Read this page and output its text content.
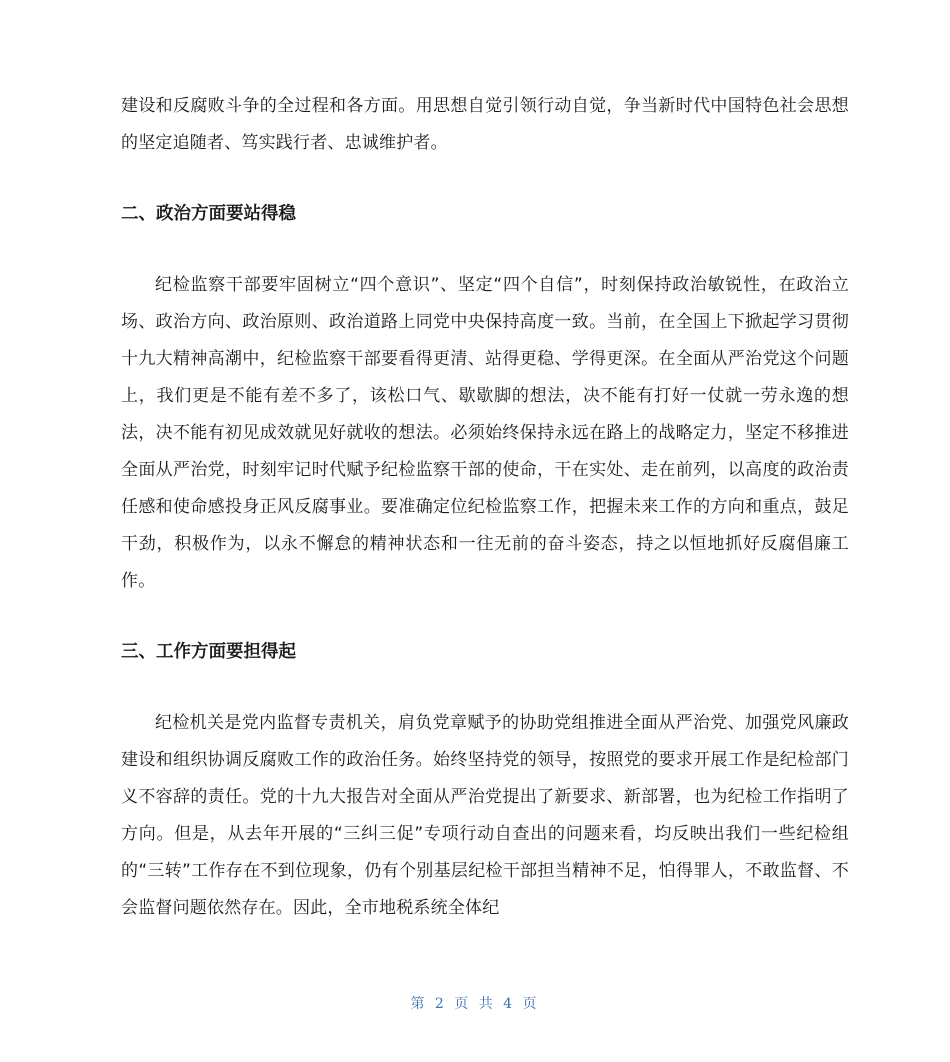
建设和反腐败斗争的全过程和各方面。用思想自觉引领行动自觉，争当新时代中国特色社会思想的坚定追随者、笃实践行者、忠诚维护者。

二、政治方面要站得稳

纪检监察干部要牢固树立“四个意识”、坚定“四个自信”，时刻保持政治敏锐性，在政治立场、政治方向、政治原则、政治道路上同党中央保持高度一致。当前，在全国上下掀起学习贯彻十九大精神高潮中，纪检监察干部要看得更清、站得更稳、学得更深。在全面从严治党这个问题上，我们更是不能有差不多了，该松口气、歇歇脚的想法，决不能有打好一仗就一劳永逸的想法，决不能有初见成效就见好就收的想法。必须始终保持永远在路上的战略定力，坚定不移推进全面从严治党，时刻牢记时代赋予纪检监察干部的使命，干在实处、走在前列，以高度的政治责任感和使命感投身正风反腐事业。要准确定位纪检监察工作，把握未来工作的方向和重点，鼓足干劲，积极作为，以永不懈怠的精神状态和一往无前的奋斗姿态，持之以恒地抓好反腐倡廉工作。

三、工作方面要担得起

纪检机关是党内监督专责机关，肩负党章赋予的协助党组推进全面从严治党、加强党风廉政建设和组织协调反腐败工作的政治任务。始终坚持党的领导，按照党的要求开展工作是纪检部门义不容辞的责任。党的十九大报告对全面从严治党提出了新要求、新部署，也为纪检工作指明了方向。但是，从去年开展的“三纠三促”专项行动自查出的问题来看，均反映出我们一些纪检组的“三转”工作存在不到位现象，仍有个别基层纪检干部担当精神不足，怕得罪人，不敢监督、不会监督问题依然存在。因此，全市地税系统全体纪

第 2 页 共 4 页
